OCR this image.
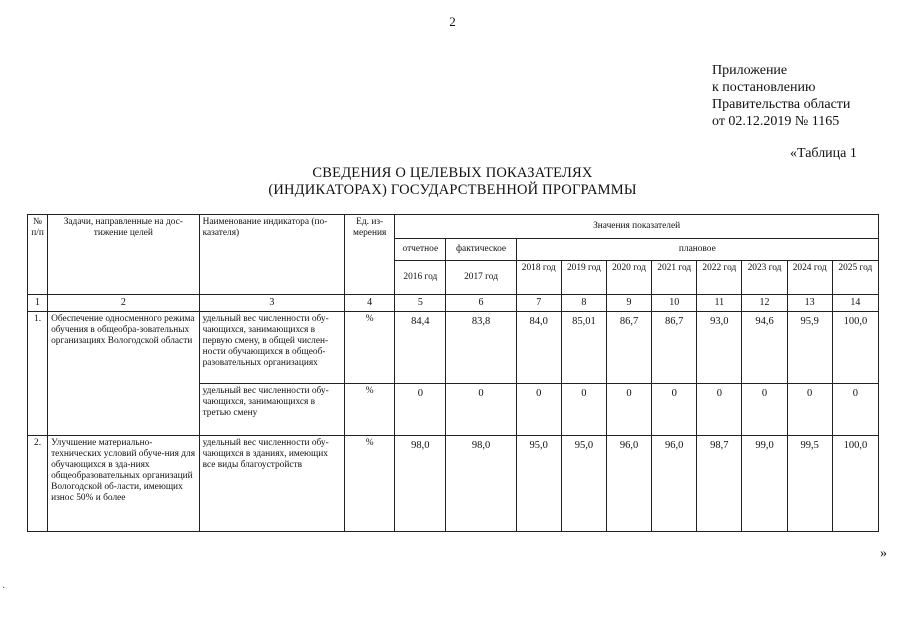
2
Приложение
к постановлению
Правительства области
от 02.12.2019 № 1165
«Таблица 1
СВЕДЕНИЯ О ЦЕЛЕВЫХ ПОКАЗАТЕЛЯХ
(ИНДИКАТОРАХ) ГОСУДАРСТВЕННОЙ ПРОГРАММЫ
№ п/п	Задачи, направленные на дос-тижение целей	Наименование индикатора (по-казателя)	Ед. из-мерения	Значения показателей									
				отчетное	фактическое	плановое							
				2016 год	2017 год	2018 год	2019 год	2020 год	2021 год	2022 год	2023 год	2024 год	2025 год
1	2	3	4	5	6	7	8	9	10	11	12	13	14
1.	Обеспечение односменного режима обучения в общеобра-зовательных организациях Вологодской области	удельный вес численности обу-чающихся, занимающихся в первую смену, в общей числен-ности обучающихся в общеоб-разовательных организациях	%	84,4	83,8	84,0	85,01	86,7	86,7	93,0	94,6	95,9	100,0
		удельный вес численности обу-чающихся, занимающихся в третью смену	%	0	0	0	0	0	0	0	0	0	0
2.	Улучшение материально-технических условий обуче-ния для обучающихся в зда-ниях общеобразовательных организаций Вологодской об-ласти, имеющих износ 50% и более	удельный вес численности обу-чающихся в зданиях, имеющих все виды благоустройств	%	98,0	98,0	95,0	95,0	96,0	96,0	98,7	99,0	99,5	100,0
»
·
